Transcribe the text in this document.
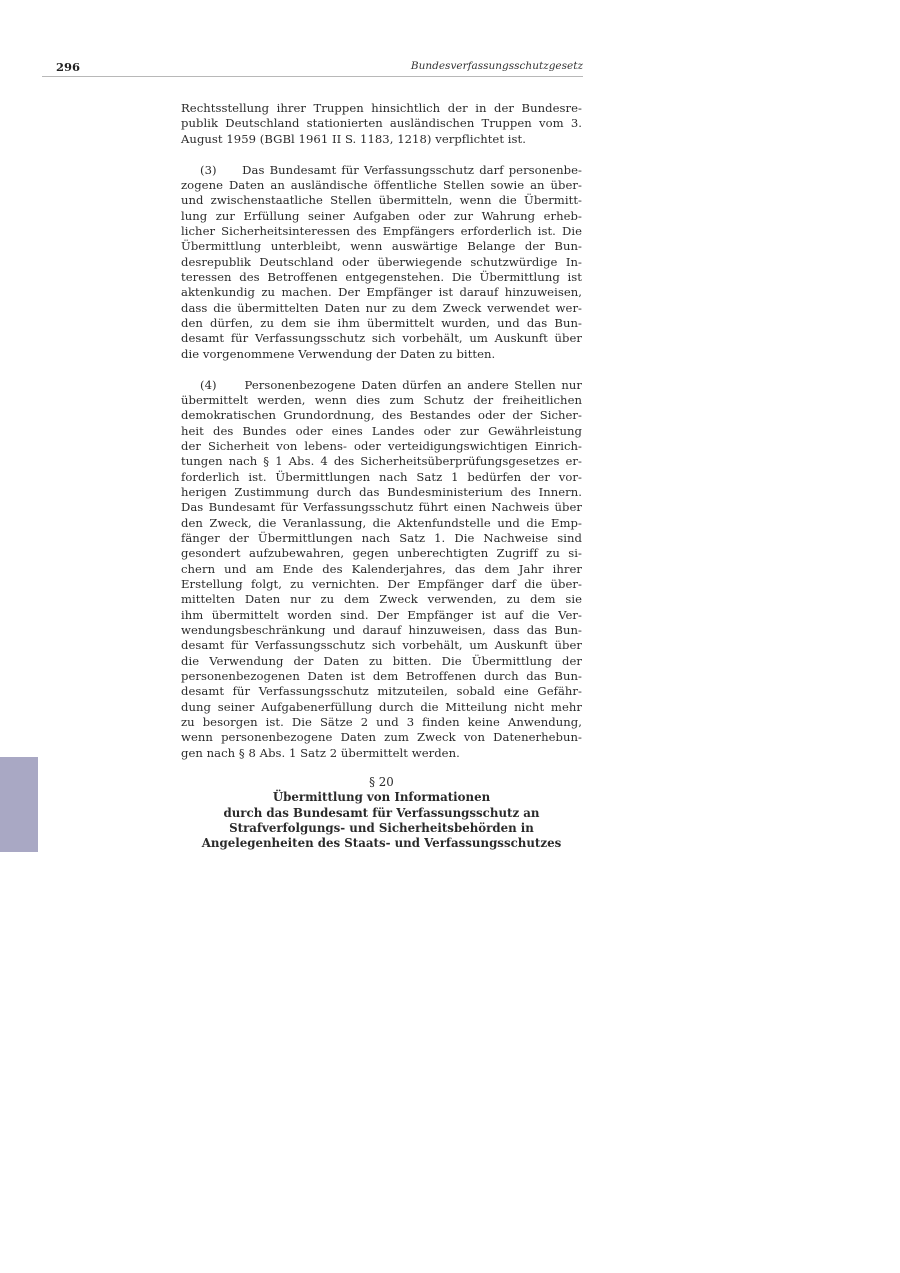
296	Bundesverfassungsschutzgesetz
Rechtsstellung ihrer Truppen hinsichtlich der in der Bundesre-
publik Deutschland stationierten ausländischen Truppen vom 3.
August 1959 (BGBl 1961 II S. 1183, 1218) verpflichtet ist.
(3)     Das Bundesamt für Verfassungsschutz darf personenbe-
zogene Daten an ausländische öffentliche Stellen sowie an über-
und zwischenstaatliche Stellen übermitteln, wenn die Übermitt-
lung zur Erfüllung seiner Aufgaben oder zur Wahrung erheb-
licher Sicherheitsinteressen des Empfängers erforderlich ist. Die
Übermittlung unterbleibt, wenn auswärtige Belange der Bun-
desrepublik Deutschland oder überwiegende schutzwürdige In-
teressen des Betroffenen entgegenstehen. Die Übermittlung ist
aktenkundig zu machen. Der Empfänger ist darauf hinzuweisen,
dass die übermittelten Daten nur zu dem Zweck verwendet wer-
den dürfen, zu dem sie ihm übermittelt wurden, und das Bun-
desamt für Verfassungsschutz sich vorbehält, um Auskunft über
die vorgenommene Verwendung der Daten zu bitten.
(4)     Personenbezogene Daten dürfen an andere Stellen nur
übermittelt werden, wenn dies zum Schutz der freiheitlichen
demokratischen Grundordnung, des Bestandes oder der Sicher-
heit des Bundes oder eines Landes oder zur Gewährleistung
der Sicherheit von lebens- oder verteidigungswichtigen Einrich-
tungen nach § 1 Abs. 4 des Sicherheitsüberprüfungsgesetzes er-
forderlich ist. Übermittlungen nach Satz 1 bedürfen der vor-
herigen Zustimmung durch das Bundesministerium des Innern.
Das Bundesamt für Verfassungsschutz führt einen Nachweis über
den Zweck, die Veranlassung, die Aktenfundstelle und die Emp-
fänger der Übermittlungen nach Satz 1. Die Nachweise sind
gesondert aufzubewahren, gegen unberechtigten Zugriff zu si-
chern und am Ende des Kalenderjahres, das dem Jahr ihrer
Erstellung folgt, zu vernichten. Der Empfänger darf die über-
mittelten Daten nur zu dem Zweck verwenden, zu dem sie
ihm übermittelt worden sind. Der Empfänger ist auf die Ver-
wendungsbeschränkung und darauf hinzuweisen, dass das Bun-
desamt für Verfassungsschutz sich vorbehält, um Auskunft über
die Verwendung der Daten zu bitten. Die Übermittlung der
personenbezogenen Daten ist dem Betroffenen durch das Bun-
desamt für Verfassungsschutz mitzuteilen, sobald eine Gefähr-
dung seiner Aufgabenerfüllung durch die Mitteilung nicht mehr
zu besorgen ist. Die Sätze 2 und 3 finden keine Anwendung,
wenn personenbezogene Daten zum Zweck von Datenerhebun-
gen nach § 8 Abs. 1 Satz 2 übermittelt werden.
§ 20
Übermittlung von Informationen
durch das Bundesamt für Verfassungsschutz an
Strafverfolgungs- und Sicherheitsbehörden in
Angelegenheiten des Staats- und Verfassungsschutzes
